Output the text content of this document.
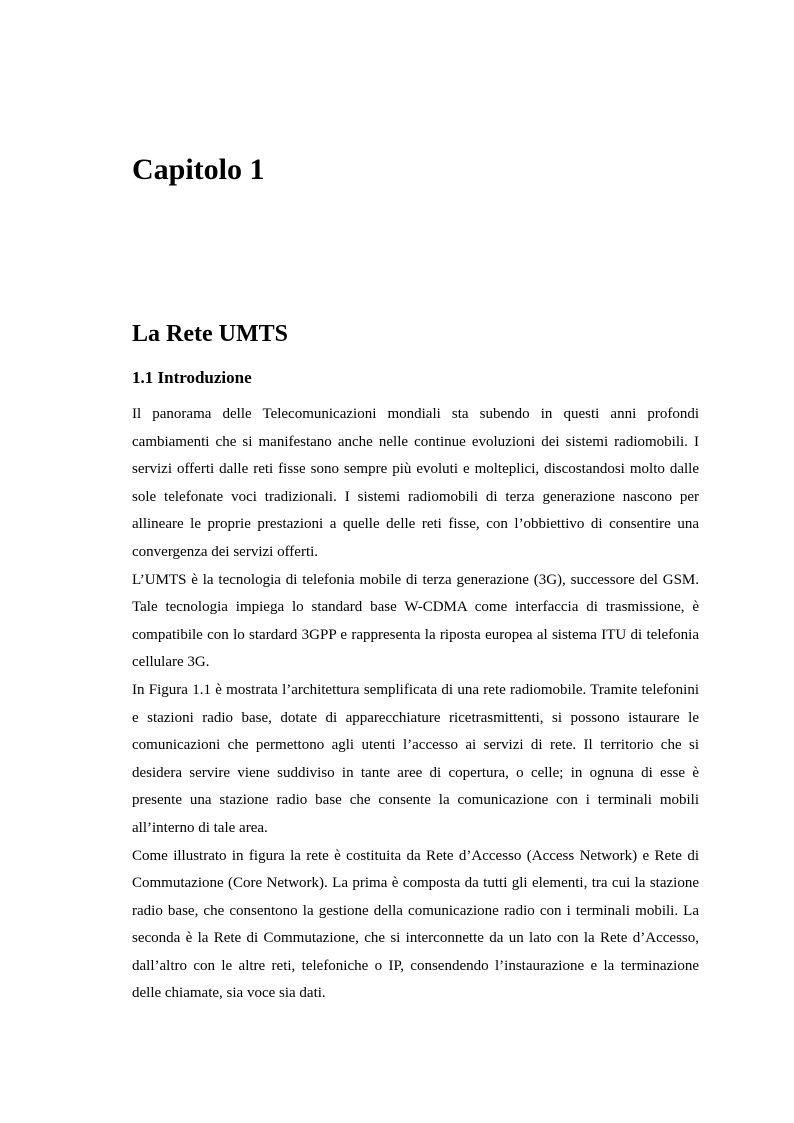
Capitolo 1
La Rete UMTS
1.1 Introduzione

Il panorama delle Telecomunicazioni mondiali sta subendo in questi anni profondi cambiamenti che si manifestano anche nelle continue evoluzioni dei sistemi radiomobili. I servizi offerti dalle reti fisse sono sempre più evoluti e molteplici, discostandosi molto dalle sole telefonate voci tradizionali. I sistemi radiomobili di terza generazione nascono per allineare le proprie prestazioni a quelle delle reti fisse, con l’obbiettivo di consentire una convergenza dei servizi offerti.

L’UMTS è la tecnologia di telefonia mobile di terza generazione (3G), successore del GSM. Tale tecnologia impiega lo standard base W-CDMA come interfaccia di trasmissione, è compatibile con lo stardard 3GPP e rappresenta la riposta europea al sistema ITU di telefonia cellulare 3G.

In Figura 1.1 è mostrata l’architettura semplificata di una rete radiomobile. Tramite telefonini e stazioni radio base, dotate di apparecchiature ricetrasmittenti, si possono istaurare le comunicazioni che permettono agli utenti l’accesso ai servizi di rete. Il territorio che si desidera servire viene suddiviso in tante aree di copertura, o celle; in ognuna di esse è presente una stazione radio base che consente la comunicazione con i terminali mobili all’interno di tale area.

Come illustrato in figura la rete è costituita da Rete d’Accesso (Access Network) e Rete di Commutazione (Core Network). La prima è composta da tutti gli elementi, tra cui la stazione radio base, che consentono la gestione della comunicazione radio con i terminali mobili. La seconda è la Rete di Commutazione, che si interconnette da un lato con la Rete d’Accesso, dall’altro con le altre reti, telefoniche o IP, consendendo l’instaurazione e la terminazione delle chiamate, sia voce sia dati.
